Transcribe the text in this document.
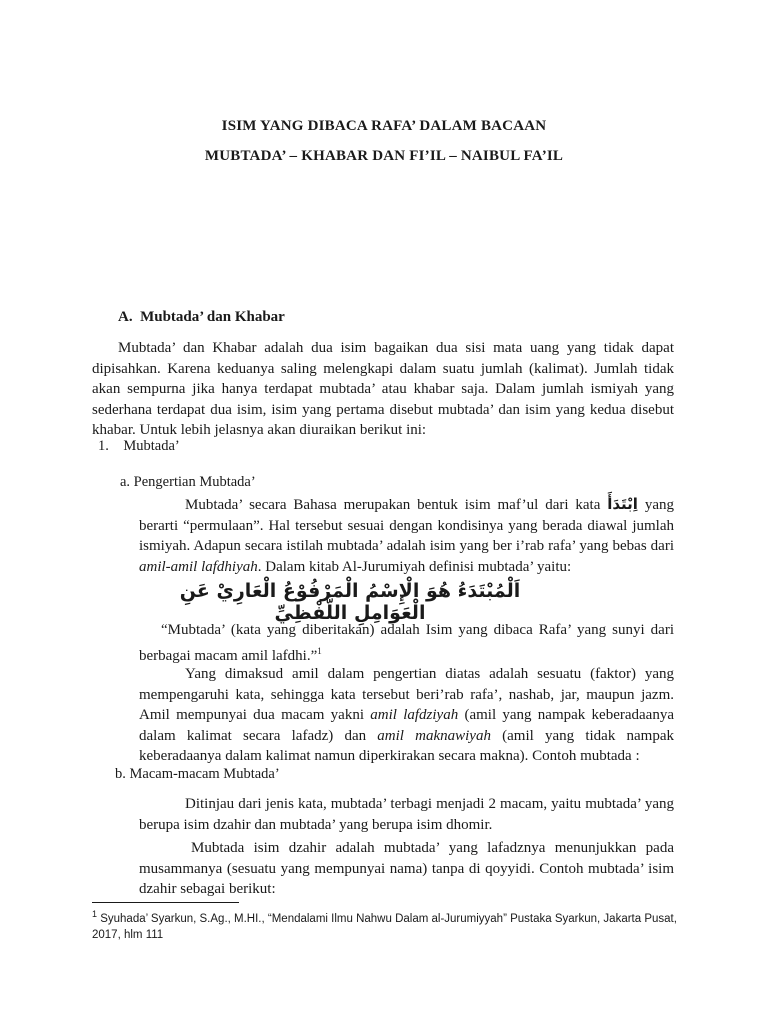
ISIM YANG DIBACA RAFA’ DALAM BACAAN
MUBTADA’ – KHABAR DAN FI’IL – NAIBUL FA’IL
A.  Mubtada’ dan Khabar
Mubtada’ dan Khabar adalah dua isim bagaikan dua sisi mata uang yang tidak dapat dipisahkan. Karena keduanya saling melengkapi dalam suatu jumlah (kalimat). Jumlah tidak akan sempurna jika hanya terdapat mubtada’ atau khabar saja. Dalam jumlah ismiyah yang sederhana terdapat dua isim, isim yang pertama disebut mubtada’ dan isim yang kedua disebut khabar. Untuk lebih jelasnya akan diuraikan berikut ini:
1.    Mubtada’
a. Pengertian Mubtada’
Mubtada’ secara Bahasa merupakan bentuk isim maf’ul dari kata اِبْتَدَأَ yang berarti “permulaan”. Hal tersebut sesuai dengan kondisinya yang berada diawal jumlah ismiyah. Adapun secara istilah mubtada’ adalah isim yang ber i’rab rafa’ yang bebas dari amil-amil lafdhiyah. Dalam kitab Al-Jurumiyah definisi mubtada’ yaitu:
اَلْمُبْتَدَءُ هُوَ الْإِسْمُ الْمَرْفُوْعُ الْعَارِيْ عَنِ الْعَوَامِلِ اللَّفْظِيِّ
“Mubtada’ (kata yang diberitakan) adalah Isim yang dibaca Rafa’ yang sunyi dari berbagai macam amil lafdhi.”$^1$
Yang dimaksud amil dalam pengertian diatas adalah sesuatu (faktor) yang mempengaruhi kata, sehingga kata tersebut beri’rab rafa’, nashab, jar, maupun jazm. Amil mempunyai dua macam yakni amil lafdziyah (amil yang nampak keberadaanya dalam kalimat secara lafadz) dan amil maknawiyah (amil yang tidak nampak keberadaanya dalam kalimat namun diperkirakan secara makna). Contoh mubtada :
b. Macam-macam Mubtada’
Ditinjau dari jenis kata, mubtada’ terbagi menjadi 2 macam, yaitu mubtada’ yang berupa isim dzahir dan mubtada’ yang berupa isim dhomir.
Mubtada isim dzahir adalah mubtada’ yang lafadznya menunjukkan pada musammanya (sesuatu yang mempunyai nama) tanpa di qoyyidi. Contoh mubtada’ isim dzahir sebagai berikut:
$^1$ Syuhada’ Syarkun, S.Ag., M.HI., “Mendalami Ilmu Nahwu Dalam al-Jurumiyyah” Pustaka Syarkun, Jakarta Pusat, 2017, hlm 111
